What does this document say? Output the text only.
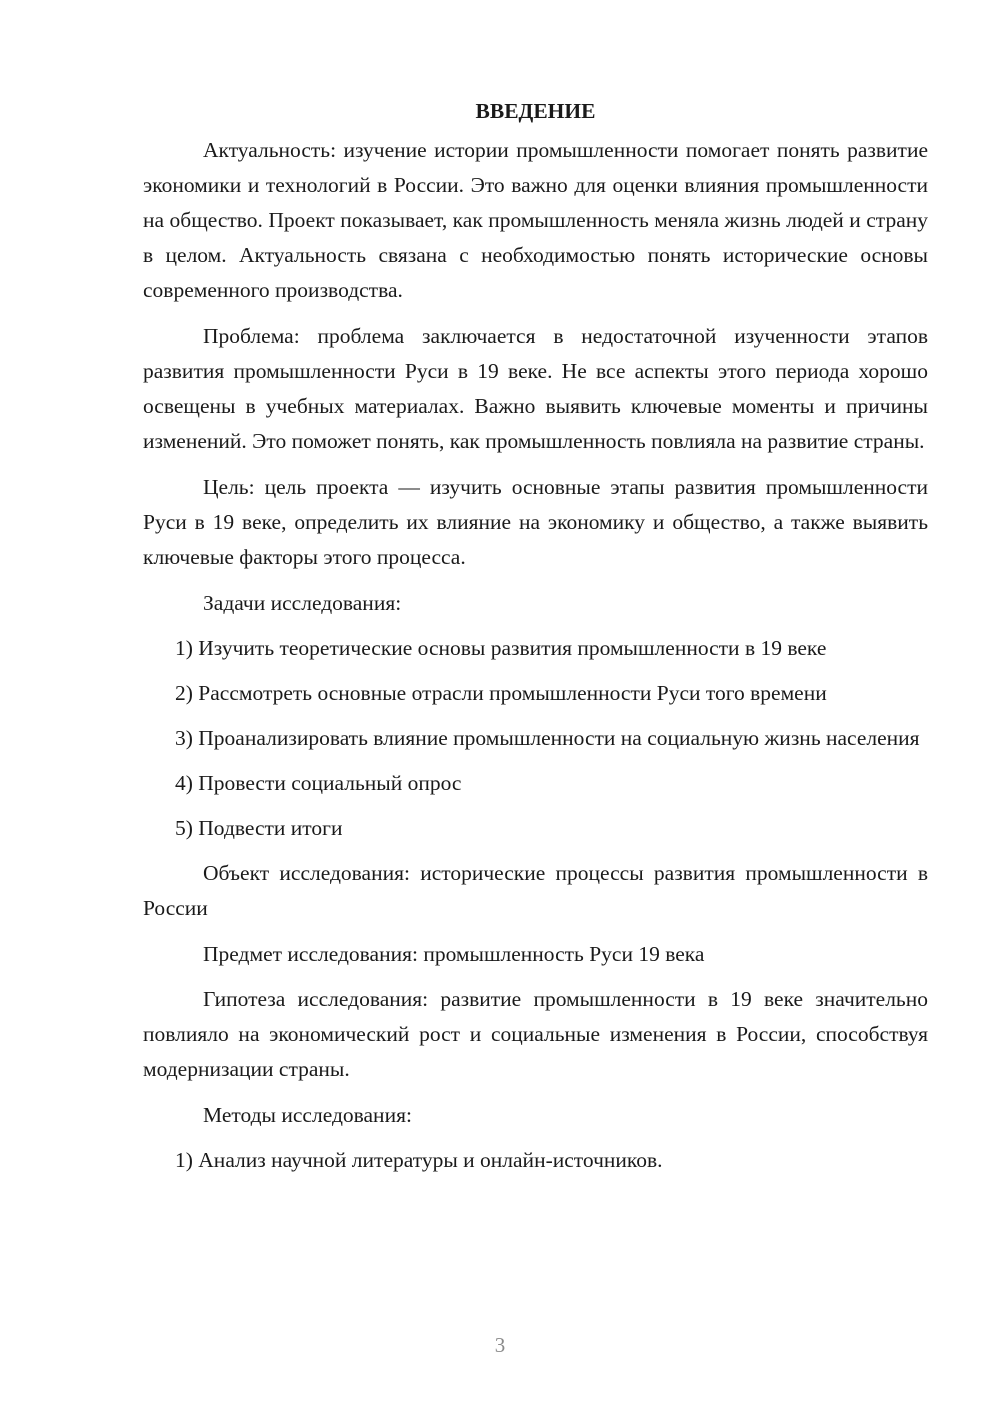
ВВЕДЕНИЕ

Актуальность: изучение истории промышленности помогает понять развитие экономики и технологий в России. Это важно для оценки влияния промышленности на общество. Проект показывает, как промышленность меняла жизнь людей и страну в целом. Актуальность связана с необходимостью понять исторические основы современного производства.

Проблема: проблема заключается в недостаточной изученности этапов развития промышленности Руси в 19 веке. Не все аспекты этого периода хорошо освещены в учебных материалах. Важно выявить ключевые моменты и причины изменений. Это поможет понять, как промышленность повлияла на развитие страны.

Цель: цель проекта — изучить основные этапы развития промышленности Руси в 19 веке, определить их влияние на экономику и общество, а также выявить ключевые факторы этого процесса.

Задачи исследования:

1) Изучить теоретические основы развития промышленности в 19 веке

2) Рассмотреть основные отрасли промышленности Руси того времени

3) Проанализировать влияние промышленности на социальную жизнь населения

4) Провести социальный опрос

5) Подвести итоги

Объект исследования: исторические процессы развития промышленности в России

Предмет исследования: промышленность Руси 19 века

Гипотеза исследования: развитие промышленности в 19 веке значительно повлияло на экономический рост и социальные изменения в России, способствуя модернизации страны.

Методы исследования:

1) Анализ научной литературы и онлайн-источников.

3
